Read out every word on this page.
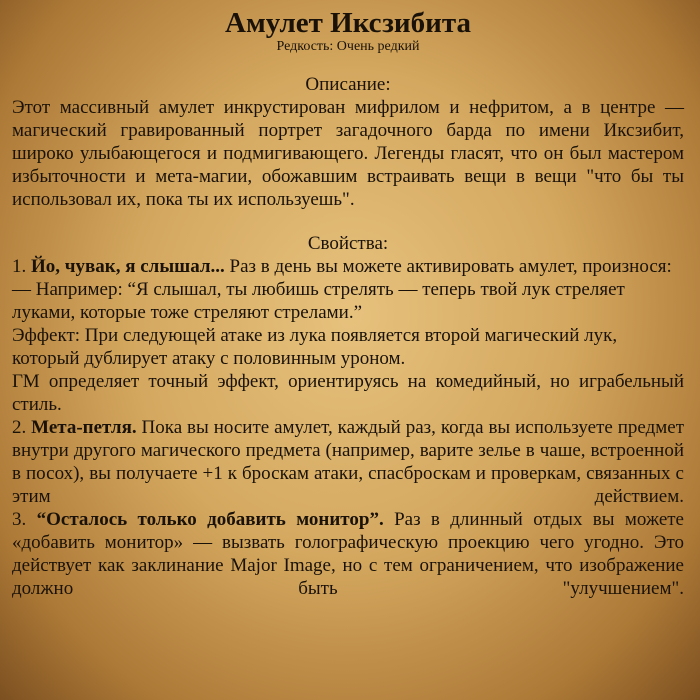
Амулет Иксзибита
Редкость: Очень редкий
Описание:

Этот массивный амулет инкрустирован мифрилом и нефритом, а в центре — магический гравированный портрет загадочного барда по имени Иксзибит, широко улыбающегося и подмигивающего. Легенды гласят, что он был мастером избыточности и мета-магии, обожавшим встраивать вещи в вещи "что бы ты использовал их, пока ты их используешь".

Свойства:

1. Йо, чувак, я слышал... Раз в день вы можете активировать амулет, произнося:

— Например: “Я слышал, ты любишь стрелять — теперь твой лук стреляет луками, которые тоже стреляют стрелами.”

Эффект: При следующей атаке из лука появляется второй магический лук, который дублирует атаку с половинным уроном.

ГМ определяет точный эффект, ориентируясь на комедийный, но играбельный стиль.

2. Мета-петля. Пока вы носите амулет, каждый раз, когда вы используете предмет внутри другого магического предмета (например, варите зелье в чаше, встроенной в посох), вы получаете +1 к броскам атаки, спасброскам и проверкам, связанных с этим действием.

3. “Осталось только добавить монитор”. Раз в длинный отдых вы можете «добавить монитор» — вызвать голографическую проекцию чего угодно. Это действует как заклинание Major Image, но с тем ограничением, что изображение должно быть "улучшением".
